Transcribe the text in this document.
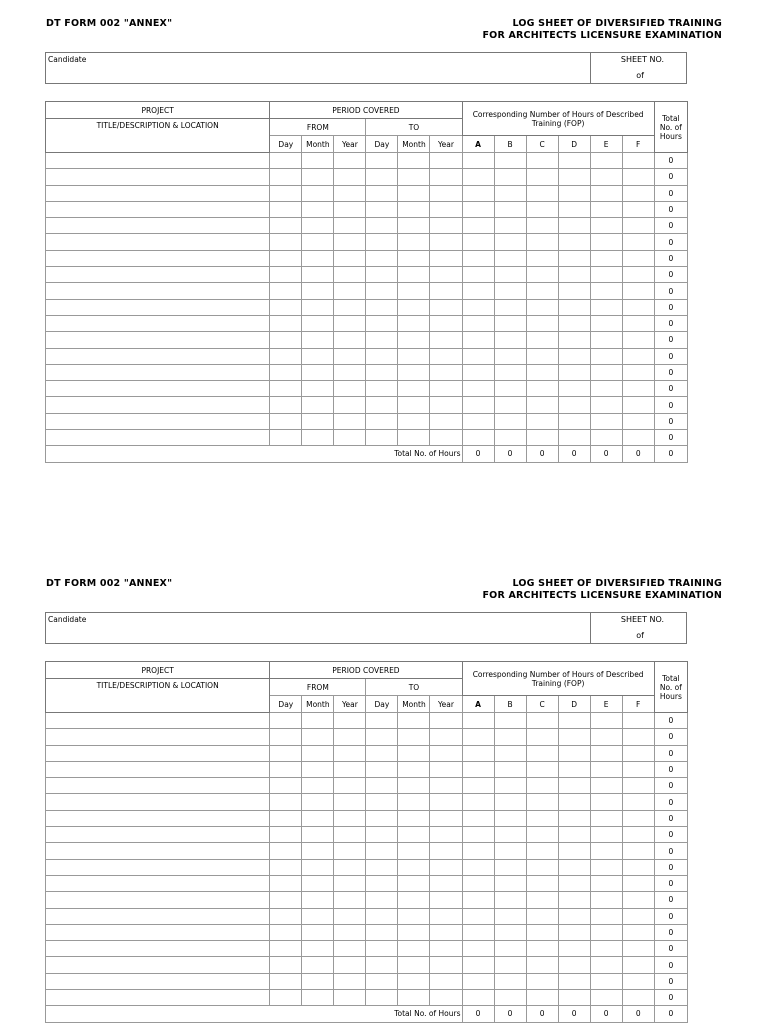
DT FORM 002 "ANNEX"	LOG SHEET OF DIVERSIFIED TRAINING
FOR ARCHITECTS LICENSURE EXAMINATION
Candidate	SHEET NO.
of
PROJECT	PERIOD COVERED						Corresponding Number of Hours of Described Training (FOP)						Total No. of Hours
TITLE/DESCRIPTION & LOCATION	FROM			TO									
	Day	Month	Year	Day	Month	Year	A	B	C	D	E	F	
													0
													0
													0
													0
													0
													0
													0
													0
													0
													0
													0
													0
													0
													0
													0
													0
													0
													0
Total No. of Hours							0	0	0	0	0	0	0
DT FORM 002 "ANNEX"	LOG SHEET OF DIVERSIFIED TRAINING
FOR ARCHITECTS LICENSURE EXAMINATION
Candidate	SHEET NO.
of
PROJECT	PERIOD COVERED						Corresponding Number of Hours of Described Training (FOP)						Total No. of Hours
TITLE/DESCRIPTION & LOCATION	FROM			TO									
	Day	Month	Year	Day	Month	Year	A	B	C	D	E	F	
													0
													0
													0
													0
													0
													0
													0
													0
													0
													0
													0
													0
													0
													0
													0
													0
													0
													0
Total No. of Hours							0	0	0	0	0	0	0
